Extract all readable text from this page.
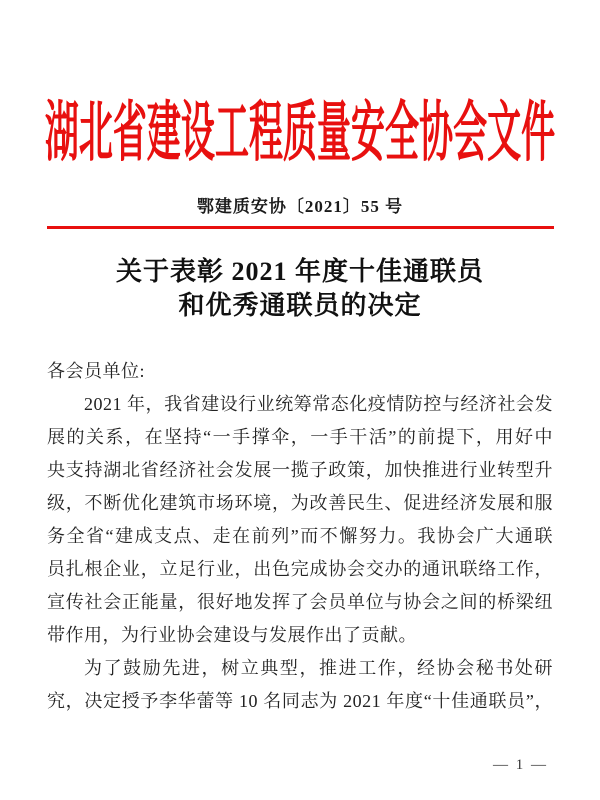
湖北省建设工程质量安全协会文件
鄂建质安协〔2021〕55 号
关于表彰 2021 年度十佳通联员
和优秀通联员的决定
各会员单位:
2021 年，我省建设行业统筹常态化疫情防控与经济社会发
展的关系，在坚持“一手撑伞，一手干活”的前提下，用好中
央支持湖北省经济社会发展一揽子政策，加快推进行业转型升
级，不断优化建筑市场环境，为改善民生、促进经济发展和服
务全省“建成支点、走在前列”而不懈努力。我协会广大通联
员扎根企业，立足行业，出色完成协会交办的通讯联络工作，
宣传社会正能量，很好地发挥了会员单位与协会之间的桥梁纽
带作用，为行业协会建设与发展作出了贡献。
为了鼓励先进，树立典型，推进工作，经协会秘书处研
究，决定授予李华蕾等 10 名同志为 2021 年度“十佳通联员”，
— 1 —
